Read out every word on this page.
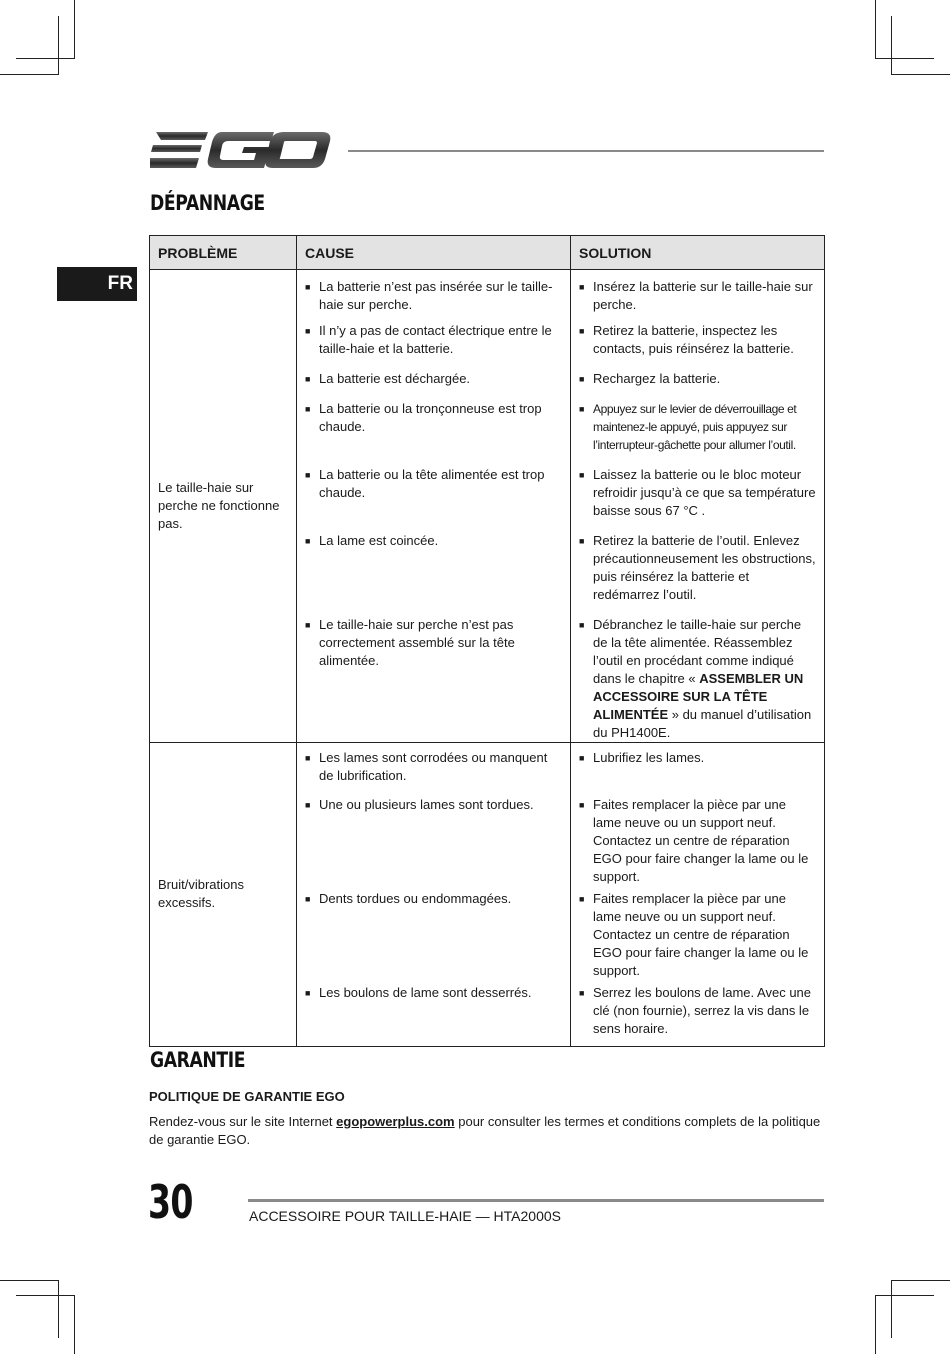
DÉPANNAGE
FR
PROBLÈME	CAUSE	SOLUTION
Le taille-haie sur perche ne fonctionne pas.	■ La batterie n’est pas insérée sur le taille-haie sur perche.	■ Insérez la batterie sur le taille-haie sur perche.

	■ Il n’y a pas de contact électrique entre le taille-haie et la batterie.	■ Retirez la batterie, inspectez les contacts, puis réinsérez la batterie.

	■ La batterie est déchargée.	■ Rechargez la batterie.

	■ La batterie ou la tronçonneuse est trop chaude.	■ Appuyez sur le levier de déverrouillage et maintenez-le appuyé, puis appuyez sur l’interrupteur-gâchette pour allumer l’outil.

	■ La batterie ou la tête alimentée est trop chaude.	■ Laissez la batterie ou le bloc moteur refroidir jusqu’à ce que sa température baisse sous 67 °C .

	■ La lame est coincée.	■ Retirez la batterie de l’outil. Enlevez précautionneusement les obstructions, puis réinsérez la batterie et redémarrez l’outil.

	■ Le taille-haie sur perche n’est pas correctement assemblé sur la tête alimentée.	■ Débranchez le taille-haie sur perche de la tête alimentée. Réassemblez l’outil en procédant comme indiqué dans le chapitre « ASSEMBLER UN ACCESSOIRE SUR LA TÊTE ALIMENTÉE » du manuel d’utilisation du PH1400E.

Bruit/vibrations excessifs.	■ Les lames sont corrodées ou manquent de lubrification.	■ Lubrifiez les lames.

	■ Une ou plusieurs lames sont tordues.	■ Faites remplacer la pièce par une lame neuve ou un support neuf. Contactez un centre de réparation EGO pour faire changer la lame ou le support.

	■ Dents tordues ou endommagées.	■ Faites remplacer la pièce par une lame neuve ou un support neuf. Contactez un centre de réparation EGO pour faire changer la lame ou le support.

	■ Les boulons de lame sont desserrés.	■ Serrez les boulons de lame. Avec une clé (non fournie), serrez la vis dans le sens horaire.
GARANTIE
POLITIQUE DE GARANTIE EGO
Rendez-vous sur le site Internet egopowerplus.com pour consulter les termes et conditions complets de la politique de garantie EGO.
30	ACCESSOIRE POUR TAILLE-HAIE — HTA2000S
